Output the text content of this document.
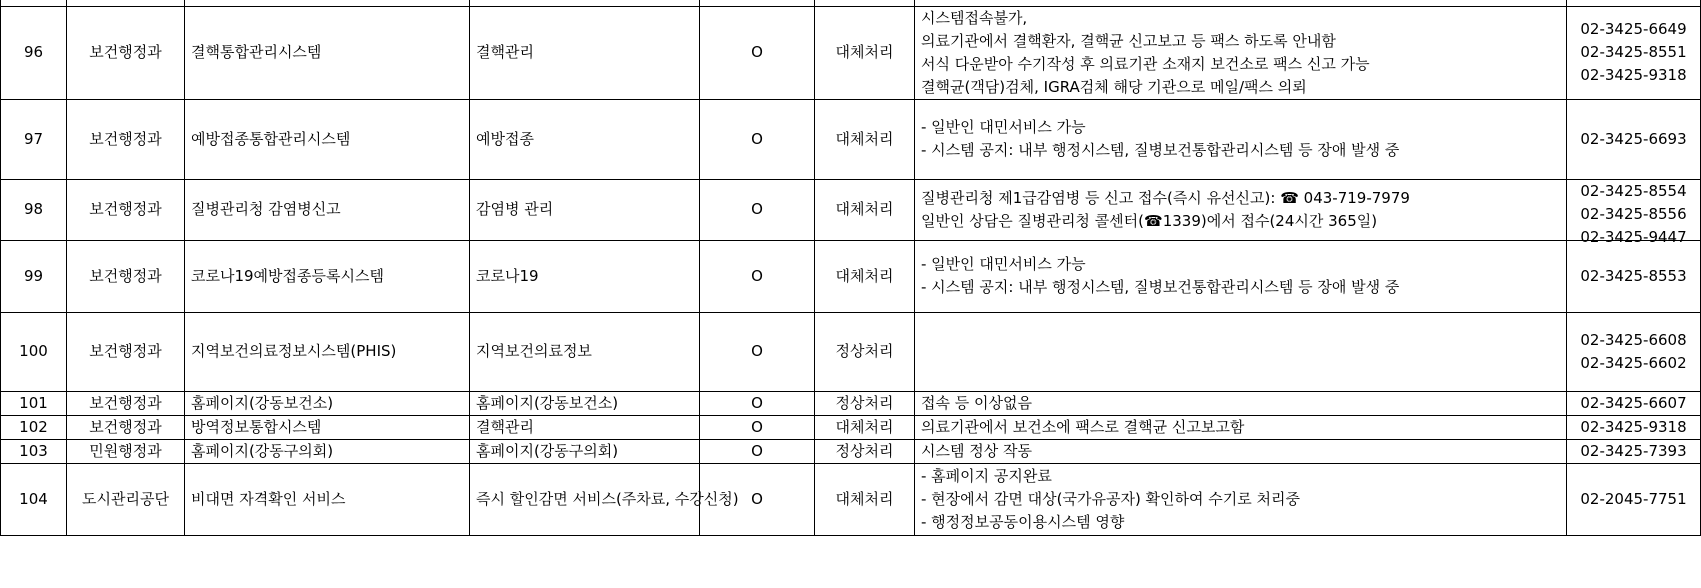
96	보건행정과	결핵통합관리시스템	결핵관리	O	대체처리	시스템접속불가,
의료기관에서 결핵환자, 결핵균 신고보고 등 팩스 하도록 안내함
서식 다운받아 수기작성 후 의료기관 소재지 보건소로 팩스 신고 가능
결핵균(객담)검체, IGRA검체 해당 기관으로 메일/팩스 의뢰	02-3425-6649
02-3425-8551
02-3425-9318

97	보건행정과	예방접종통합관리시스템	예방접종	O	대체처리	- 일반인 대민서비스 가능
- 시스템 공지: 내부 행정시스템, 질병보건통합관리시스템 등 장애 발생 중	02-3425-6693

98	보건행정과	질병관리청 감염병신고	감염병 관리	O	대체처리	질병관리청 제1급감염병 등 신고 접수(즉시 유선신고): ☎ 043-719-7979
일반인 상담은 질병관리청 콜센터(☎1339)에서 접수(24시간 365일)	02-3425-8554
02-3425-8556
02-3425-9447

99	보건행정과	코로나19예방접종등록시스템	코로나19	O	대체처리	- 일반인 대민서비스 가능
- 시스템 공지: 내부 행정시스템, 질병보건통합관리시스템 등 장애 발생 중	02-3425-8553

100	보건행정과	지역보건의료정보시스템(PHIS)	지역보건의료정보	O	정상처리		02-3425-6608
02-3425-6602

101	보건행정과	홈페이지(강동보건소)	홈페이지(강동보건소)	O	정상처리	접속 등 이상없음	02-3425-6607

102	보건행정과	방역정보통합시스템	결핵관리	O	대체처리	의료기관에서 보건소에 팩스로 결핵균 신고보고함	02-3425-9318

103	민원행정과	홈페이지(강동구의회)	홈페이지(강동구의회)	O	정상처리	시스템 정상 작동	02-3425-7393

104	도시관리공단	비대면 자격확인 서비스	즉시 할인감면 서비스(주차료, 수강신청)	O	대체처리	- 홈페이지 공지완료
- 현장에서 감면 대상(국가유공자) 확인하여 수기로 처리중
- 행정정보공동이용시스템 영향	02-2045-7751
